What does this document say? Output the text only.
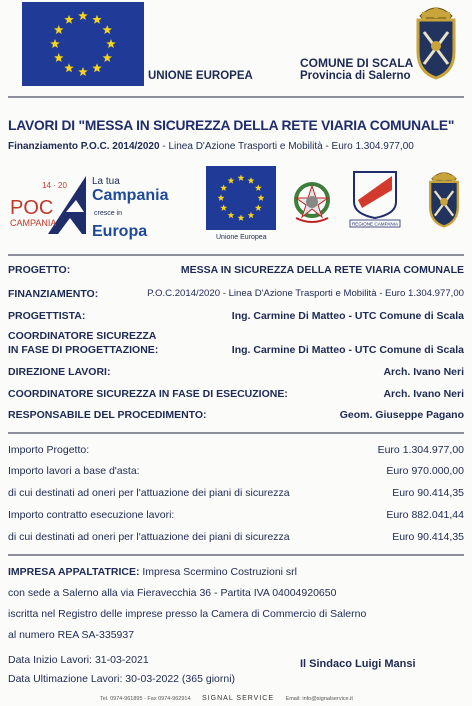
UNIONE EUROPEA
COMUNE DI SCALA
Provincia di Salerno
LAVORI DI "MESSA IN SICUREZZA DELLA RETE VIARIA COMUNALE"
Finanziamento P.O.C. 2014/2020 - Linea D'Azione Trasporti e Mobilità - Euro 1.304.977,00
14 · 20
POC
CAMPANIA
La tua
Campania cresce in
Europa	Unione Europea
REGIONE CAMPANIA
PROGETTO:	MESSA IN SICUREZZA DELLA RETE VIARIA COMUNALE
FINANZIAMENTO:	P.O.C.2014/2020 - Linea D'Azione Trasporti e Mobilità - Euro 1.304.977,00
PROGETTISTA:	Ing. Carmine Di Matteo - UTC Comune di Scala
COORDINATORE SICUREZZA
IN FASE DI PROGETTAZIONE:	Ing. Carmine Di Matteo - UTC Comune di Scala
DIREZIONE LAVORI:	Arch. Ivano Neri
COORDINATORE SICUREZZA IN FASE DI ESECUZIONE:	Arch. Ivano Neri
RESPONSABILE DEL PROCEDIMENTO:	Geom. Giuseppe Pagano
Importo Progetto:	Euro 1.304.977,00
Importo lavori a base d'asta:	Euro 970.000,00
di cui destinati ad oneri per l'attuazione dei piani di sicurezza	Euro 90.414,35
Importo contratto esecuzione lavori:	Euro 882.041,44
di cui destinati ad oneri per l'attuazione dei piani di sicurezza	Euro 90.414,35
IMPRESA APPALTATRICE: Impresa Scermino Costruzioni srl
con sede a Salerno alla via Fieravecchia 36 - Partita IVA 04004920650
iscritta nel Registro delle imprese presso la Camera di Commercio di Salerno
al numero REA SA-335937
Data Inizio Lavori: 31-03-2021
Data Ultimazione Lavori: 30-03-2022 (365 giorni)
Il Sindaco Luigi Mansi
Tel. 0974-961895 - Fax 0974-962914 SIGNAL SERVICE Email: info@signalservice.it
